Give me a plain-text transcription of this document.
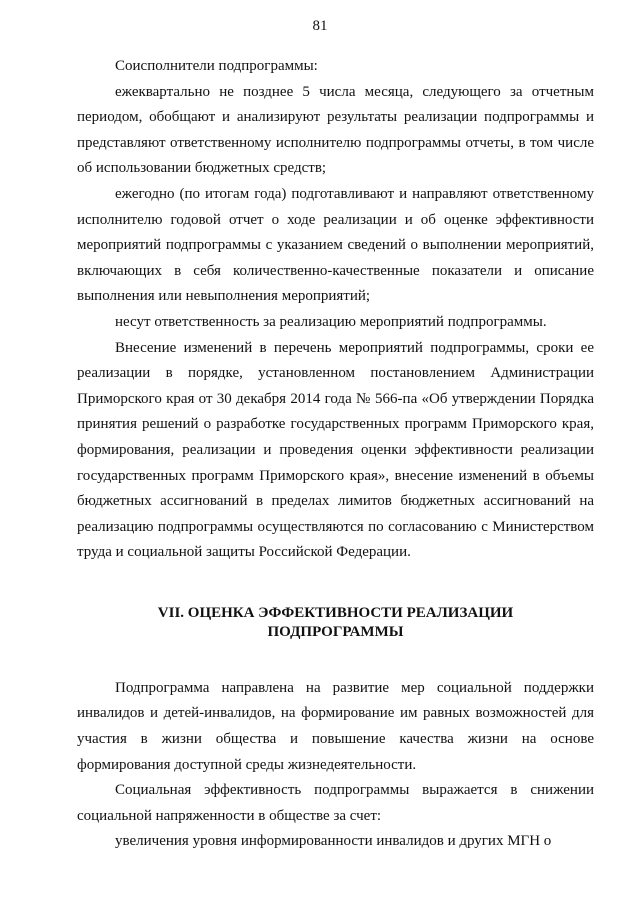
81

Соисполнители подпрограммы:

ежеквартально не позднее 5 числа месяца, следующего за отчетным периодом, обобщают и анализируют результаты реализации подпрограммы и представляют ответственному исполнителю подпрограммы отчеты, в том числе об использовании бюджетных средств;

ежегодно (по итогам года) подготавливают и направляют ответственному исполнителю годовой отчет о ходе реализации и об оценке эффективности мероприятий подпрограммы с указанием сведений о выполнении мероприятий, включающих в себя количественно-качественные показатели и описание выполнения или невыполнения мероприятий;

несут ответственность за реализацию мероприятий подпрограммы.

Внесение изменений в перечень мероприятий подпрограммы, сроки ее реализации в порядке, установленном постановлением Администрации Приморского края от 30 декабря 2014 года № 566-па «Об утверждении Порядка принятия решений о разработке государственных программ Приморского края, формирования, реализации и проведения оценки эффективности реализации государственных программ Приморского края», внесение изменений в объемы бюджетных ассигнований в пределах лимитов бюджетных ассигнований на реализацию подпрограммы осуществляются по согласованию с Министерством труда и социальной защиты Российской Федерации.

VII. ОЦЕНКА ЭФФЕКТИВНОСТИ РЕАЛИЗАЦИИ
ПОДПРОГРАММЫ

Подпрограмма направлена на развитие мер социальной поддержки инвалидов и детей-инвалидов, на формирование им равных возможностей для участия в жизни общества и повышение качества жизни на основе формирования доступной среды жизнедеятельности.

Социальная эффективность подпрограммы выражается в снижении социальной напряженности в обществе за счет:

увеличения уровня информированности инвалидов и других МГН о
